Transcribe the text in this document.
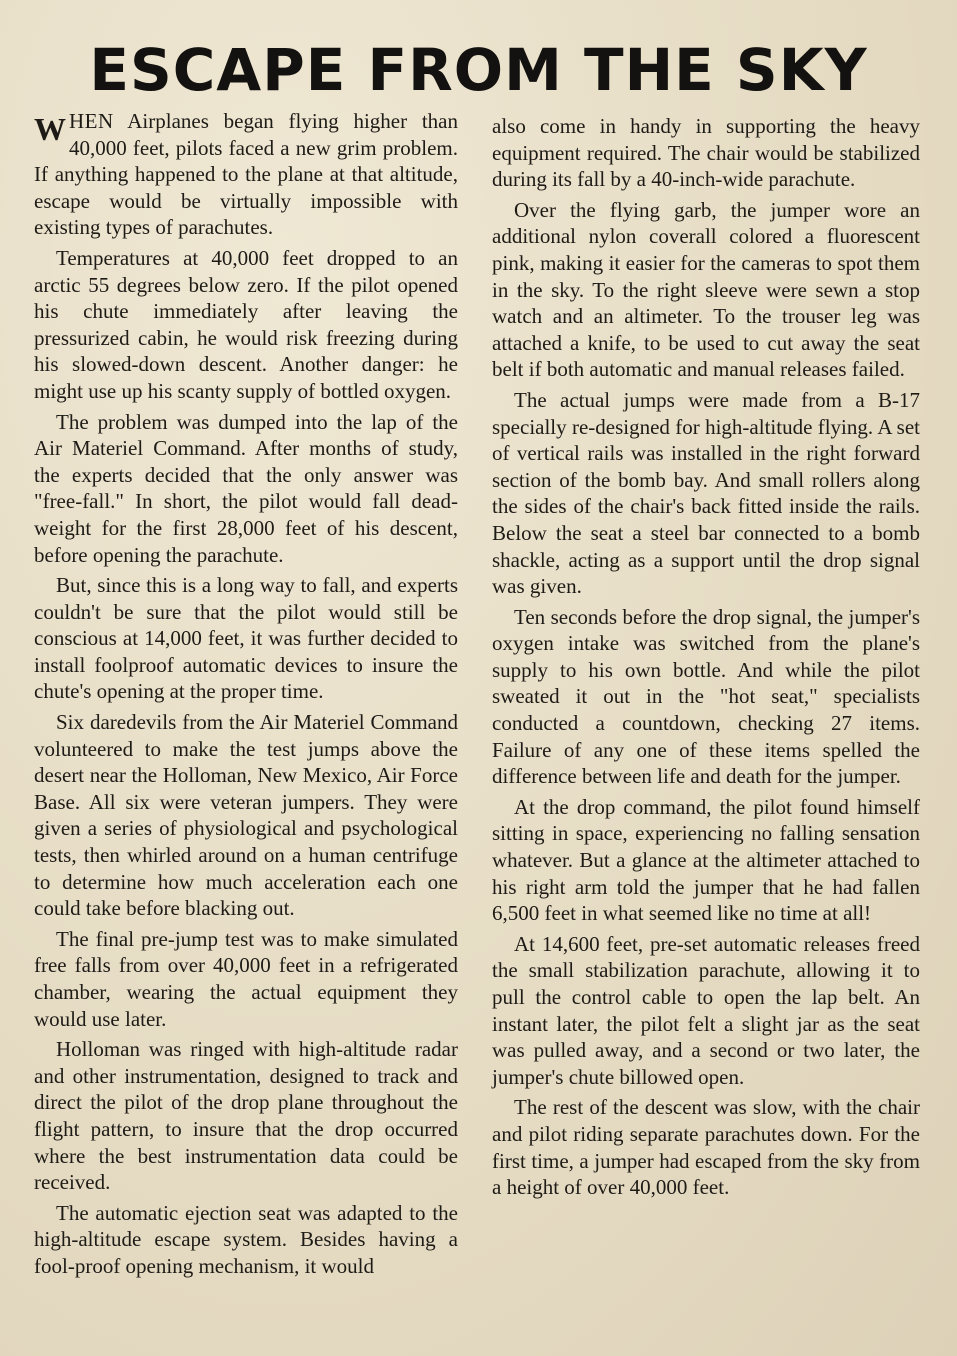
ESCAPE FROM THE SKY

WHEN Airplanes began flying higher than 40,000 feet, pilots faced a new grim problem. If anything happened to the plane at that altitude, escape would be virtually impossible with existing types of parachutes.

Temperatures at 40,000 feet dropped to an arctic 55 degrees below zero. If the pilot opened his chute immediately after leaving the pressurized cabin, he would risk freezing during his slowed-down descent. Another danger: he might use up his scanty supply of bottled oxygen.

The problem was dumped into the lap of the Air Materiel Command. After months of study, the experts decided that the only answer was "free-fall." In short, the pilot would fall dead-weight for the first 28,000 feet of his descent, before opening the parachute.

But, since this is a long way to fall, and experts couldn't be sure that the pilot would still be conscious at 14,000 feet, it was further decided to install foolproof automatic devices to insure the chute's opening at the proper time.

Six daredevils from the Air Materiel Command volunteered to make the test jumps above the desert near the Holloman, New Mexico, Air Force Base. All six were veteran jumpers. They were given a series of physiological and psychological tests, then whirled around on a human centrifuge to determine how much acceleration each one could take before blacking out.

The final pre-jump test was to make simulated free falls from over 40,000 feet in a refrigerated chamber, wearing the actual equipment they would use later.

Holloman was ringed with high-altitude radar and other instrumentation, designed to track and direct the pilot of the drop plane throughout the flight pattern, to insure that the drop occurred where the best instrumentation data could be received.

The automatic ejection seat was adapted to the high-altitude escape system. Besides having a fool-proof opening mechanism, it would

also come in handy in supporting the heavy equipment required. The chair would be stabilized during its fall by a 40-inch-wide parachute.

Over the flying garb, the jumper wore an additional nylon coverall colored a fluorescent pink, making it easier for the cameras to spot them in the sky. To the right sleeve were sewn a stop watch and an altimeter. To the trouser leg was attached a knife, to be used to cut away the seat belt if both automatic and manual releases failed.

The actual jumps were made from a B-17 specially re-designed for high-altitude flying. A set of vertical rails was installed in the right forward section of the bomb bay. And small rollers along the sides of the chair's back fitted inside the rails. Below the seat a steel bar connected to a bomb shackle, acting as a support until the drop signal was given.

Ten seconds before the drop signal, the jumper's oxygen intake was switched from the plane's supply to his own bottle. And while the pilot sweated it out in the "hot seat," specialists conducted a countdown, checking 27 items. Failure of any one of these items spelled the difference between life and death for the jumper.

At the drop command, the pilot found himself sitting in space, experiencing no falling sensation whatever. But a glance at the altimeter attached to his right arm told the jumper that he had fallen 6,500 feet in what seemed like no time at all!

At 14,600 feet, pre-set automatic releases freed the small stabilization parachute, allowing it to pull the control cable to open the lap belt. An instant later, the pilot felt a slight jar as the seat was pulled away, and a second or two later, the jumper's chute billowed open.

The rest of the descent was slow, with the chair and pilot riding separate parachutes down. For the first time, a jumper had escaped from the sky from a height of over 40,000 feet.
